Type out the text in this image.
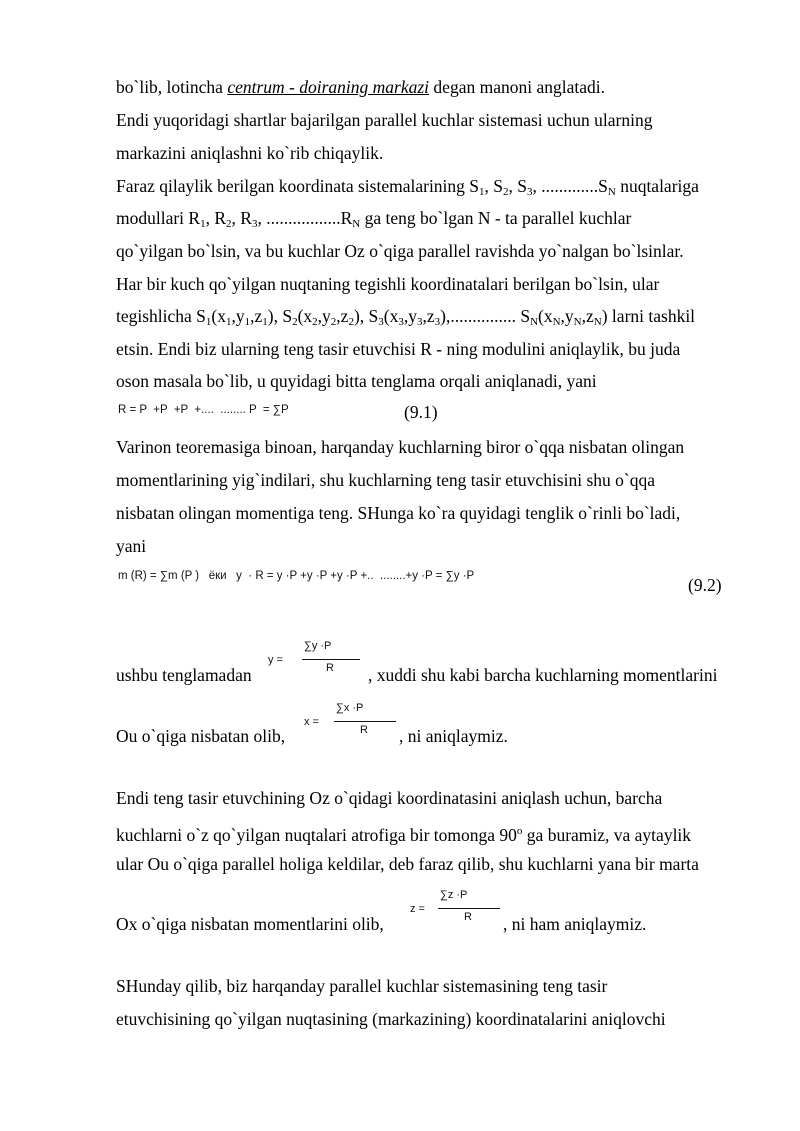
bo`lib, lotincha centrum - doiraning markazi degan manoni anglatadi.
Endi yuqoridagi shartlar bajarilgan parallel kuchlar sistemasi uchun ularning
markazini aniqlashni ko`rib chiqaylik.
Faraz qilaylik berilgan koordinata sistemalarining $S_1$, $S_2$, $S_3$, $.............S_N$ nuqtalariga
modullari $R_1$, $R_2$, $R_3$, $.................R_N$ ga teng bo`lgan N - ta parallel kuchlar
qo`yilgan bo`lsin, va bu kuchlar Oz o`qiga parallel ravishda yo`nalgan bo`lsinlar.
Har bir kuch qo`yilgan nuqtaning tegishli koordinatalari berilgan bo`lsin, ular
tegishlicha $S_1(x_1,y_1,z_1)$, $S_2(x_2,y_2,z_2)$, $S_3(x_3,y_3,z_3)$,............... $S_N(x_N,y_N,z_N)$ larni tashkil
etsin. Endi biz ularning teng tasir etuvchisi R - ning modulini aniqlaylik, bu juda
oson masala bo`lib, u quyidagi bitta tenglama orqali aniqlanadi, yani
R = P  +P  +P  +....  ........ P  = ∑P	(9.1)
Varinon teoremasiga binoan, harqanday kuchlarning biror o`qqa nisbatan olingan
momentlarining yig`indilari, shu kuchlarning teng tasir etuvchisini shu o`qqa
nisbatan olingan momentiga teng. SHunga ko`ra quyidagi tenglik o`rinli bo`ladi,
yani
m (R) = ∑m (P )   ёки   y  · R = y ·P +y ·P +y ·P +..  ........+y ·P = ∑y ·P	(9.2)
ushbu tenglamadan
y =
∑y ·P
R , xuddi shu kabi barcha kuchlarning momentlarini
Ou o`qiga nisbatan olib,
x =
∑x ·P
R , ni aniqlaymiz.
Endi teng tasir etuvchining Oz o`qidagi koordinatasini aniqlash uchun, barcha
kuchlarni o`z qo`yilgan nuqtalari atrofiga bir tomonga 90$^o$ ga buramiz, va aytaylik
ular Ou o`qiga parallel holiga keldilar, deb faraz qilib, shu kuchlarni yana bir marta
Ox o`qiga nisbatan momentlarini olib,
z =
∑z ·P
R , ni ham aniqlaymiz.
SHunday qilib, biz harqanday parallel kuchlar sistemasining teng tasir
etuvchisining qo`yilgan nuqtasining (markazining) koordinatalarini aniqlovchi
